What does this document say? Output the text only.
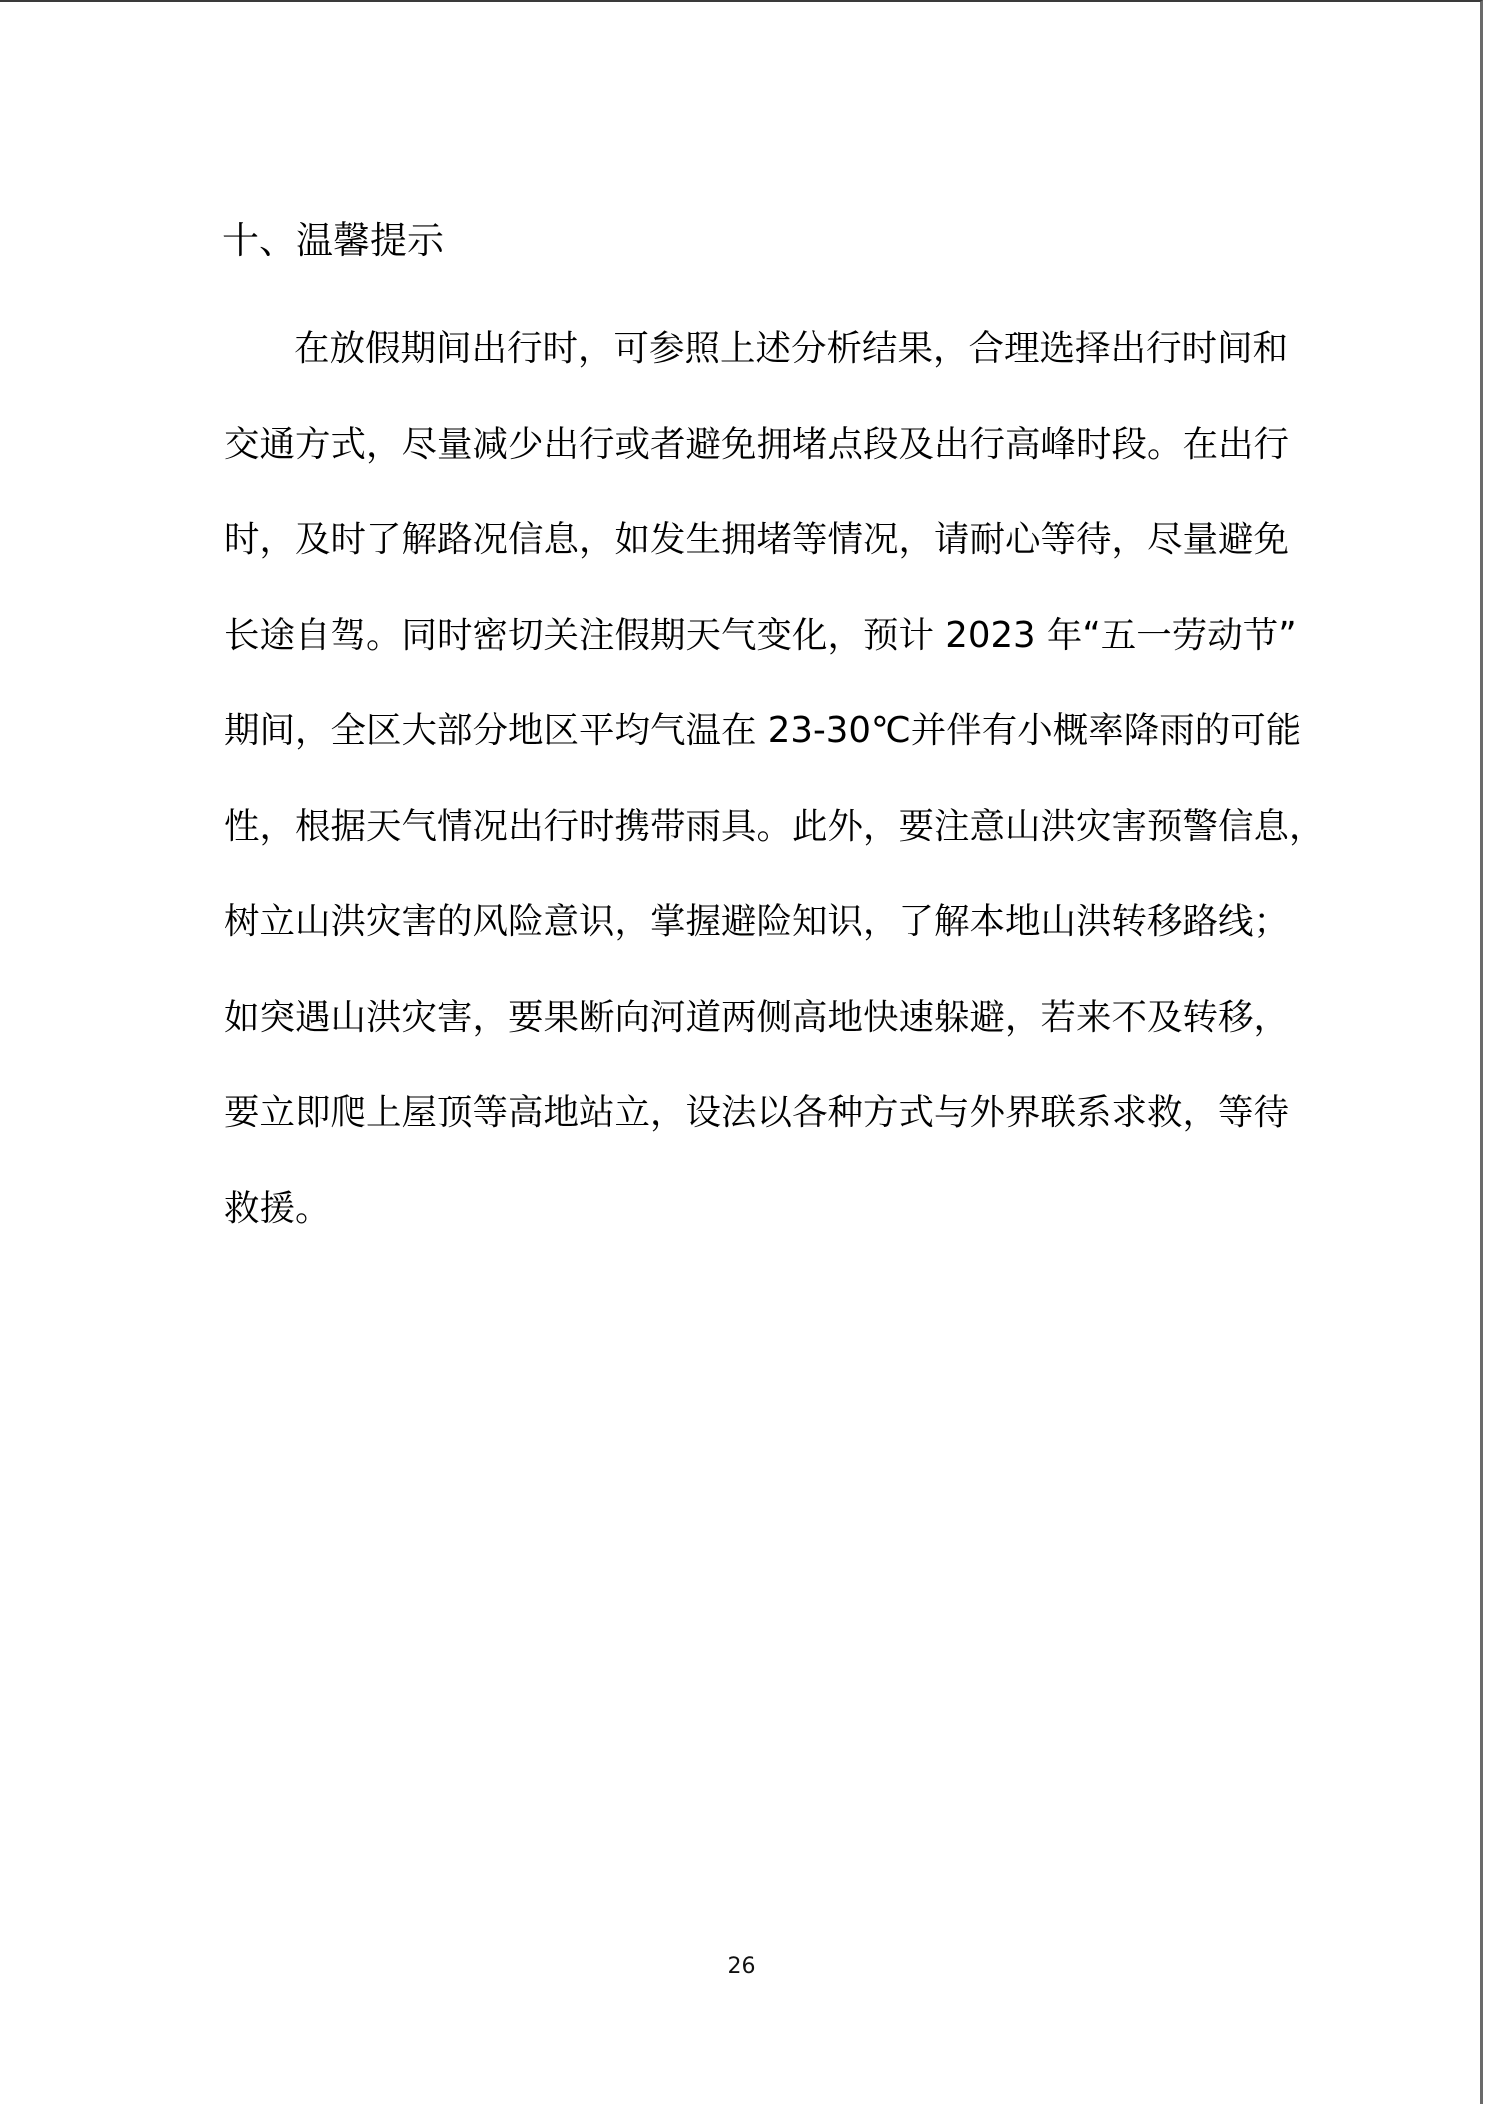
十、温馨提示
在放假期间出行时，可参照上述分析结果，合理选择出行时间和
交通方式，尽量减少出行或者避免拥堵点段及出行高峰时段。在出行
时，及时了解路况信息，如发生拥堵等情况，请耐心等待，尽量避免
长途自驾。同时密切关注假期天气变化，预计 2023 年“五一劳动节”
期间，全区大部分地区平均气温在 23-30℃并伴有小概率降雨的可能
性，根据天气情况出行时携带雨具。此外，要注意山洪灾害预警信息，
树立山洪灾害的风险意识，掌握避险知识，了解本地山洪转移路线；
如突遇山洪灾害，要果断向河道两侧高地快速躲避，若来不及转移，
要立即爬上屋顶等高地站立，设法以各种方式与外界联系求救，等待
救援。
26
